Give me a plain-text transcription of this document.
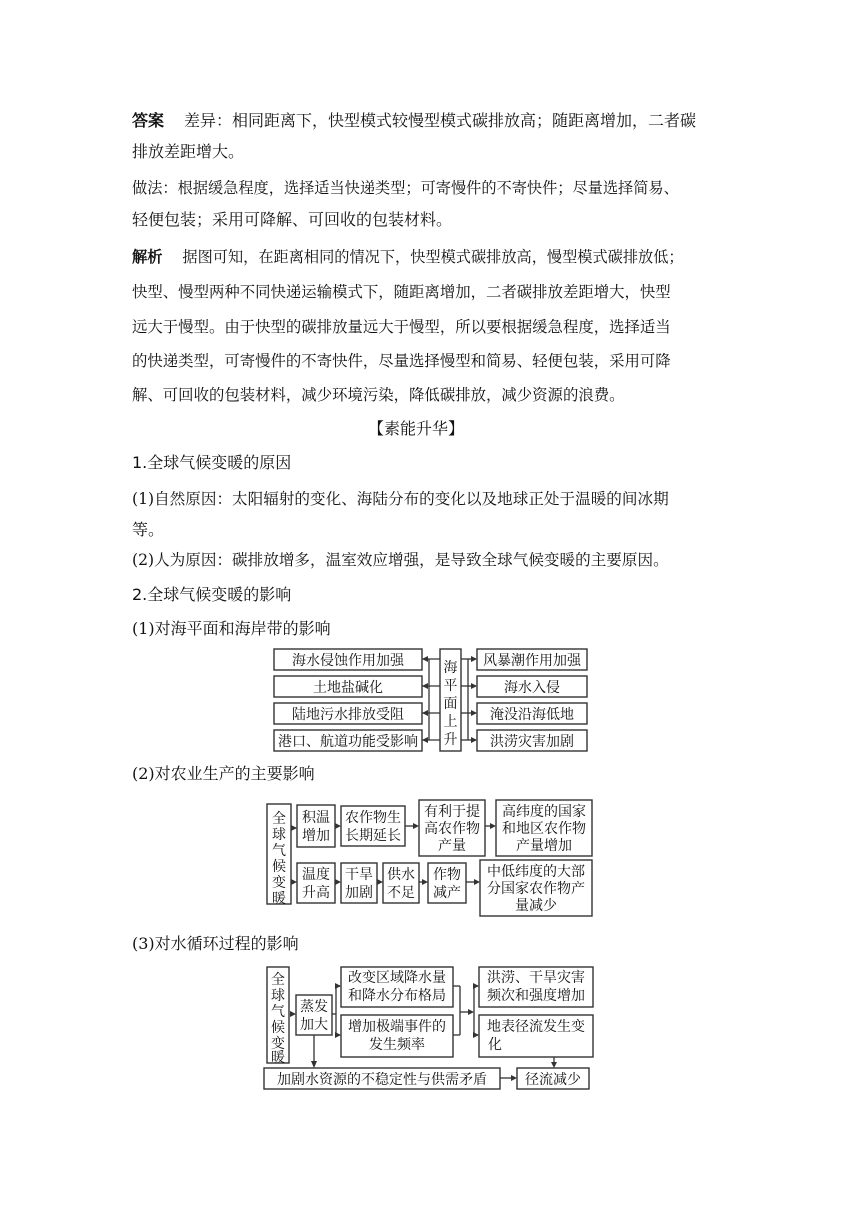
答案 差异：相同距离下，快型模式较慢型模式碳排放高；随距离增加，二者碳
排放差距增大。
做法：根据缓急程度，选择适当快递类型；可寄慢件的不寄快件；尽量选择简易、
轻便包装；采用可降解、可回收的包装材料。
解析 据图可知，在距离相同的情况下，快型模式碳排放高，慢型模式碳排放低；
快型、慢型两种不同快递运输模式下，随距离增加，二者碳排放差距增大，快型
远大于慢型。由于快型的碳排放量远大于慢型，所以要根据缓急程度，选择适当
的快递类型，可寄慢件的不寄快件，尽量选择慢型和简易、轻便包装，采用可降
解、可回收的包装材料，减少环境污染，降低碳排放，减少资源的浪费。
【素能升华】
1.全球气候变暖的原因
(1)自然原因：太阳辐射的变化、海陆分布的变化以及地球正处于温暖的间冰期
等。
(2)人为原因：碳排放增多，温室效应增强，是导致全球气候变暖的主要原因。
2.全球气候变暖的影响
(1)对海平面和海岸带的影响
海水侵蚀作用加强
土地盐碱化
陆地污水排放受阻
港口、航道功能受影响
海
平
面
上
升
风暴潮作用加强
海水入侵
淹没沿海低地
洪涝灾害加剧
(2)对农业生产的主要影响
全
球
气
候
变
暖
积温
增加
农作物生
长期延长
有利于提
高农作物
产量
高纬度的国家
和地区农作物
产量增加
温度
升高
干旱
加剧
供水
不足
作物
减产
中低纬度的大部
分国家农作物产
量减少
(3)对水循环过程的影响
全
球
气
候
变
暖
蒸发
加大
改变区域降水量
和降水分布格局
增加极端事件的
发生频率
洪涝、干旱灾害
频次和强度增加
地表径流发生变
化
加剧水资源的不稳定性与供需矛盾	径流减少
